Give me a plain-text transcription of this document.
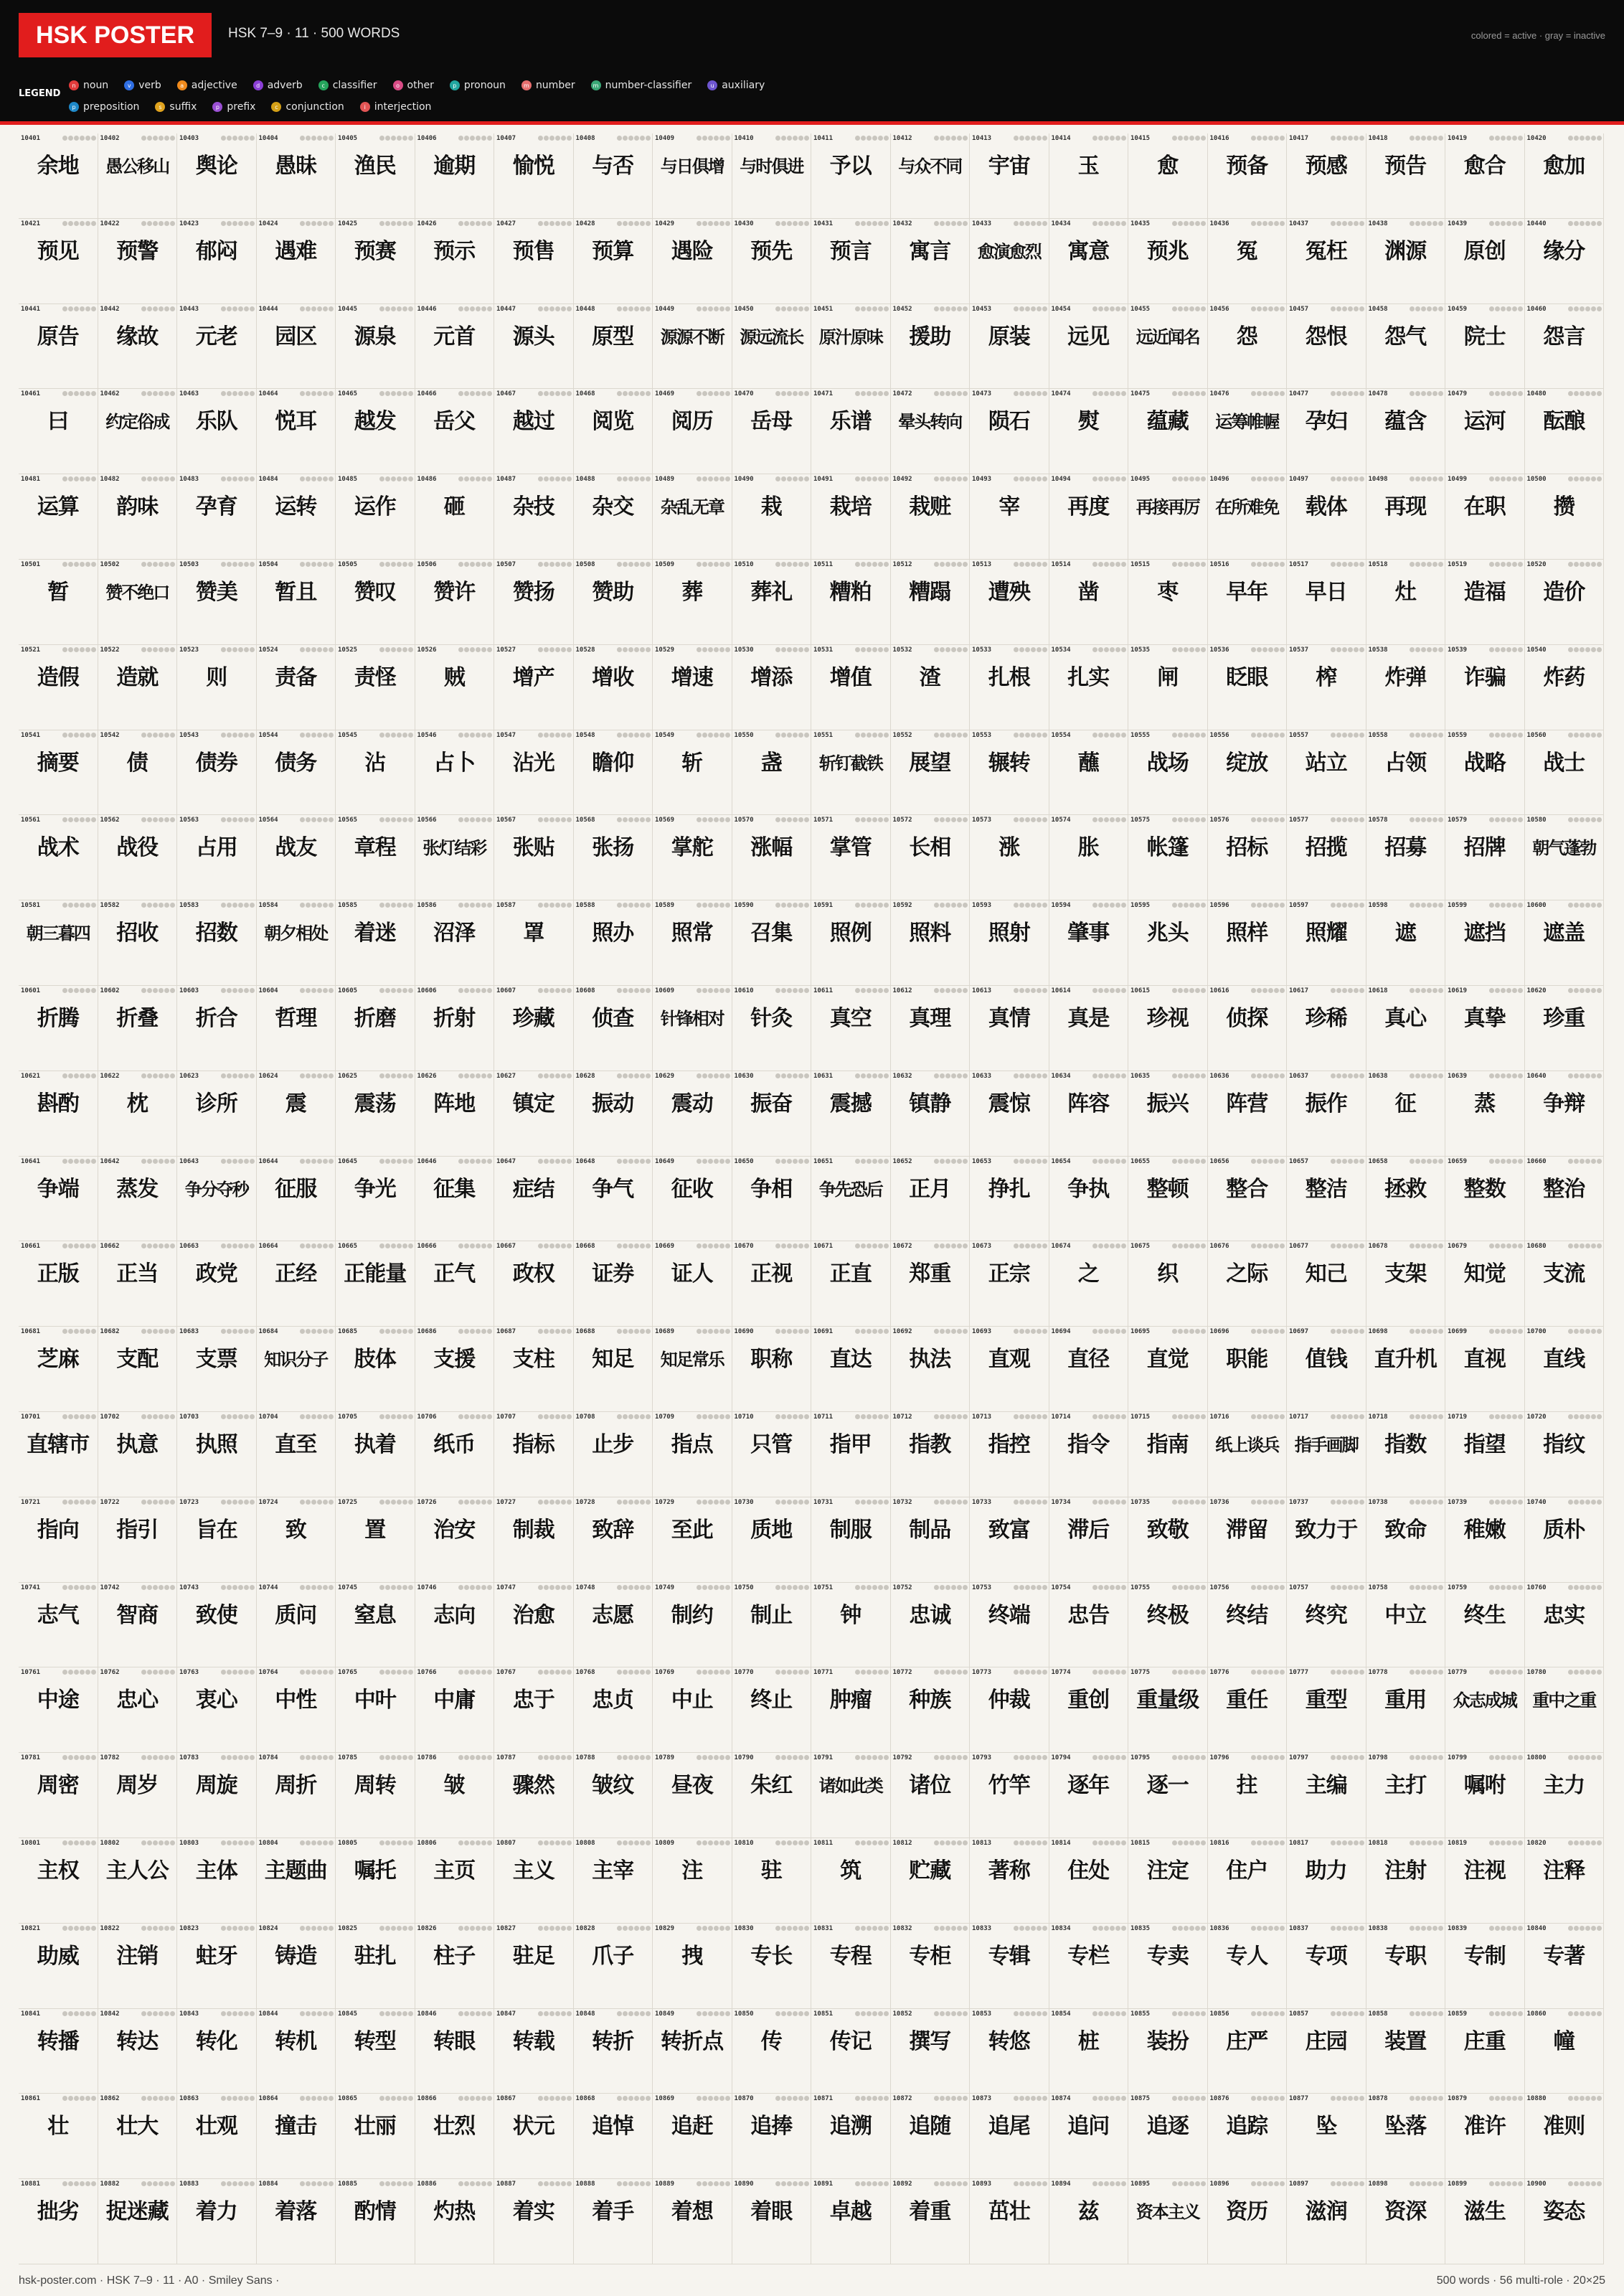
HSK POSTER	HSK 7–9 · 11 · 500 WORDS	colored = active · gray = inactive
LEGEND
n noun	v verb	a adjective	d adverb	c classifier	o other	p pronoun	m number	m number-classifier	u auxiliary
p preposition	s suffix	p prefix	c conjunction	i interjection
10401
余地
10402
愚公移山
10403
舆论
10404
愚昧
10405
渔民
10406
逾期
10407
愉悦
10408
与否
10409
与日俱增
10410
与时俱进
10411
予以
10412
与众不同
10413
宇宙
10414
玉
10415
愈
10416
预备
10417
预感
10418
预告
10419
愈合
10420
愈加
10421
预见
10422
预警
10423
郁闷
10424
遇难
10425
预赛
10426
预示
10427
预售
10428
预算
10429
遇险
10430
预先
10431
预言
10432
寓言
10433
愈演愈烈
10434
寓意
10435
预兆
10436
冤
10437
冤枉
10438
渊源
10439
原创
10440
缘分
10441
原告
10442
缘故
10443
元老
10444
园区
10445
源泉
10446
元首
10447
源头
10448
原型
10449
源源不断
10450
源远流长
10451
原汁原味
10452
援助
10453
原装
10454
远见
10455
远近闻名
10456
怨
10457
怨恨
10458
怨气
10459
院士
10460
怨言
10461
曰
10462
约定俗成
10463
乐队
10464
悦耳
10465
越发
10466
岳父
10467
越过
10468
阅览
10469
阅历
10470
岳母
10471
乐谱
10472
晕头转向
10473
陨石
10474
熨
10475
蕴藏
10476
运筹帷幄
10477
孕妇
10478
蕴含
10479
运河
10480
酝酿
10481
运算
10482
韵味
10483
孕育
10484
运转
10485
运作
10486
砸
10487
杂技
10488
杂交
10489
杂乱无章
10490
栽
10491
栽培
10492
栽赃
10493
宰
10494
再度
10495
再接再厉
10496
在所难免
10497
载体
10498
再现
10499
在职
10500
攒
10501
暂
10502
赞不绝口
10503
赞美
10504
暂且
10505
赞叹
10506
赞许
10507
赞扬
10508
赞助
10509
葬
10510
葬礼
10511
糟粕
10512
糟蹋
10513
遭殃
10514
凿
10515
枣
10516
早年
10517
早日
10518
灶
10519
造福
10520
造价
10521
造假
10522
造就
10523
则
10524
责备
10525
责怪
10526
贼
10527
增产
10528
增收
10529
增速
10530
增添
10531
增值
10532
渣
10533
扎根
10534
扎实
10535
闸
10536
眨眼
10537
榨
10538
炸弹
10539
诈骗
10540
炸药
10541
摘要
10542
债
10543
债券
10544
债务
10545
沾
10546
占卜
10547
沾光
10548
瞻仰
10549
斩
10550
盏
10551
斩钉截铁
10552
展望
10553
辗转
10554
蘸
10555
战场
10556
绽放
10557
站立
10558
占领
10559
战略
10560
战士
10561
战术
10562
战役
10563
占用
10564
战友
10565
章程
10566
张灯结彩
10567
张贴
10568
张扬
10569
掌舵
10570
涨幅
10571
掌管
10572
长相
10573
涨
10574
胀
10575
帐篷
10576
招标
10577
招揽
10578
招募
10579
招牌
10580
朝气蓬勃
10581
朝三暮四
10582
招收
10583
招数
10584
朝夕相处
10585
着迷
10586
沼泽
10587
罩
10588
照办
10589
照常
10590
召集
10591
照例
10592
照料
10593
照射
10594
肇事
10595
兆头
10596
照样
10597
照耀
10598
遮
10599
遮挡
10600
遮盖
10601
折腾
10602
折叠
10603
折合
10604
哲理
10605
折磨
10606
折射
10607
珍藏
10608
侦查
10609
针锋相对
10610
针灸
10611
真空
10612
真理
10613
真情
10614
真是
10615
珍视
10616
侦探
10617
珍稀
10618
真心
10619
真挚
10620
珍重
10621
斟酌
10622
枕
10623
诊所
10624
震
10625
震荡
10626
阵地
10627
镇定
10628
振动
10629
震动
10630
振奋
10631
震撼
10632
镇静
10633
震惊
10634
阵容
10635
振兴
10636
阵营
10637
振作
10638
征
10639
蒸
10640
争辩
10641
争端
10642
蒸发
10643
争分夺秒
10644
征服
10645
争光
10646
征集
10647
症结
10648
争气
10649
征收
10650
争相
10651
争先恐后
10652
正月
10653
挣扎
10654
争执
10655
整顿
10656
整合
10657
整洁
10658
拯救
10659
整数
10660
整治
10661
正版
10662
正当
10663
政党
10664
正经
10665
正能量
10666
正气
10667
政权
10668
证券
10669
证人
10670
正视
10671
正直
10672
郑重
10673
正宗
10674
之
10675
织
10676
之际
10677
知己
10678
支架
10679
知觉
10680
支流
10681
芝麻
10682
支配
10683
支票
10684
知识分子
10685
肢体
10686
支援
10687
支柱
10688
知足
10689
知足常乐
10690
职称
10691
直达
10692
执法
10693
直观
10694
直径
10695
直觉
10696
职能
10697
值钱
10698
直升机
10699
直视
10700
直线
10701
直辖市
10702
执意
10703
执照
10704
直至
10705
执着
10706
纸币
10707
指标
10708
止步
10709
指点
10710
只管
10711
指甲
10712
指教
10713
指控
10714
指令
10715
指南
10716
纸上谈兵
10717
指手画脚
10718
指数
10719
指望
10720
指纹
10721
指向
10722
指引
10723
旨在
10724
致
10725
置
10726
治安
10727
制裁
10728
致辞
10729
至此
10730
质地
10731
制服
10732
制品
10733
致富
10734
滞后
10735
致敬
10736
滞留
10737
致力于
10738
致命
10739
稚嫩
10740
质朴
10741
志气
10742
智商
10743
致使
10744
质问
10745
窒息
10746
志向
10747
治愈
10748
志愿
10749
制约
10750
制止
10751
钟
10752
忠诚
10753
终端
10754
忠告
10755
终极
10756
终结
10757
终究
10758
中立
10759
终生
10760
忠实
10761
中途
10762
忠心
10763
衷心
10764
中性
10765
中叶
10766
中庸
10767
忠于
10768
忠贞
10769
中止
10770
终止
10771
肿瘤
10772
种族
10773
仲裁
10774
重创
10775
重量级
10776
重任
10777
重型
10778
重用
10779
众志成城
10780
重中之重
10781
周密
10782
周岁
10783
周旋
10784
周折
10785
周转
10786
皱
10787
骤然
10788
皱纹
10789
昼夜
10790
朱红
10791
诸如此类
10792
诸位
10793
竹竿
10794
逐年
10795
逐一
10796
拄
10797
主编
10798
主打
10799
嘱咐
10800
主力
10801
主权
10802
主人公
10803
主体
10804
主题曲
10805
嘱托
10806
主页
10807
主义
10808
主宰
10809
注
10810
驻
10811
筑
10812
贮藏
10813
著称
10814
住处
10815
注定
10816
住户
10817
助力
10818
注射
10819
注视
10820
注释
10821
助威
10822
注销
10823
蛀牙
10824
铸造
10825
驻扎
10826
柱子
10827
驻足
10828
爪子
10829
拽
10830
专长
10831
专程
10832
专柜
10833
专辑
10834
专栏
10835
专卖
10836
专人
10837
专项
10838
专职
10839
专制
10840
专著
10841
转播
10842
转达
10843
转化
10844
转机
10845
转型
10846
转眼
10847
转载
10848
转折
10849
转折点
10850
传
10851
传记
10852
撰写
10853
转悠
10854
桩
10855
装扮
10856
庄严
10857
庄园
10858
装置
10859
庄重
10860
幢
10861
壮
10862
壮大
10863
壮观
10864
撞击
10865
壮丽
10866
壮烈
10867
状元
10868
追悼
10869
追赶
10870
追捧
10871
追溯
10872
追随
10873
追尾
10874
追问
10875
追逐
10876
追踪
10877
坠
10878
坠落
10879
准许
10880
准则
10881
拙劣
10882
捉迷藏
10883
着力
10884
着落
10885
酌情
10886
灼热
10887
着实
10888
着手
10889
着想
10890
着眼
10891
卓越
10892
着重
10893
茁壮
10894
兹
10895
资本主义
10896
资历
10897
滋润
10898
资深
10899
滋生
10900
姿态
hsk-poster.com · HSK 7–9 · 11 · A0 · Smiley Sans ·	500 words · 56 multi-role · 20×25
